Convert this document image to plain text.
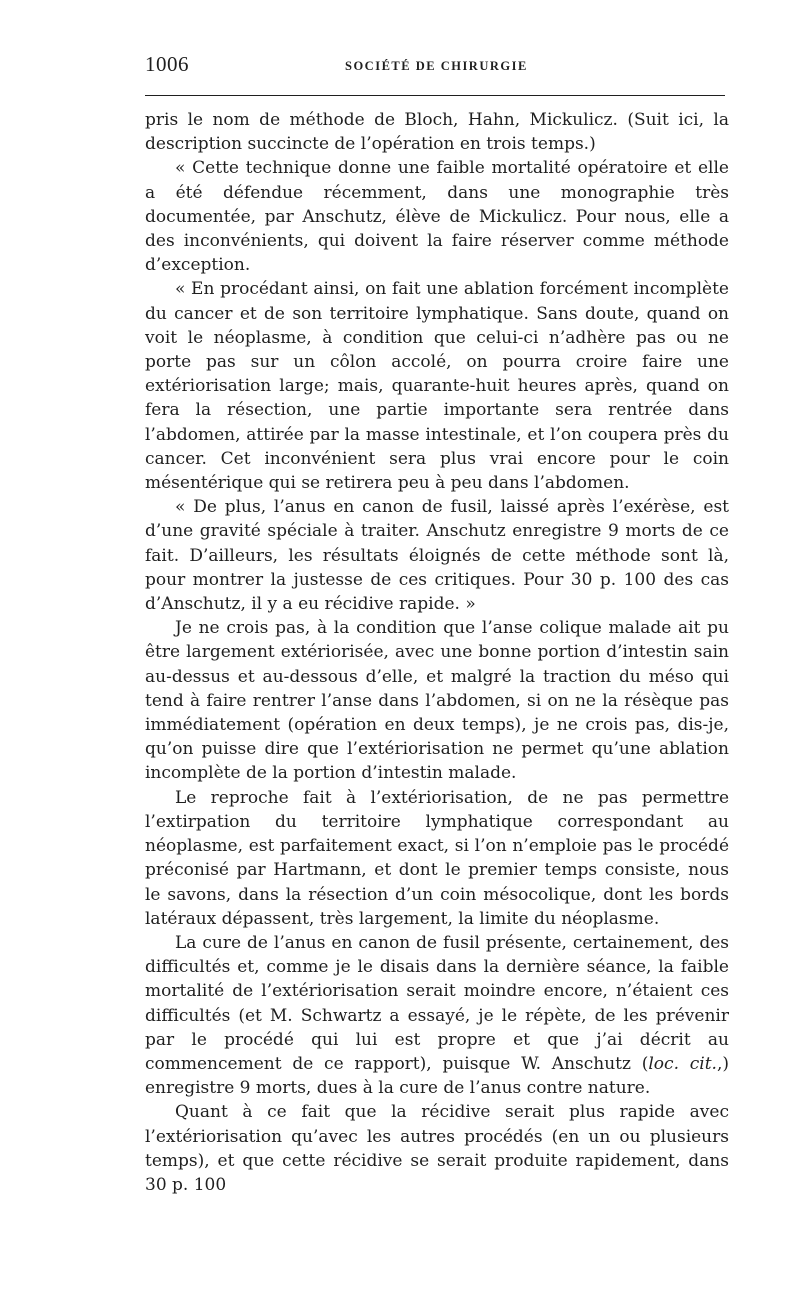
1006	SOCIÉTÉ DE CHIRURGIE

pris le nom de méthode de Bloch, Hahn, Mickulicz. (Suit ici, la description succincte de l’opération en trois temps.)

« Cette technique donne une faible mortalité opératoire et elle a été défendue récemment, dans une monographie très documentée, par Anschutz, élève de Mickulicz. Pour nous, elle a des inconvénients, qui doivent la faire réserver comme méthode d’exception.

« En procédant ainsi, on fait une ablation forcément incomplète du cancer et de son territoire lymphatique. Sans doute, quand on voit le néoplasme, à condition que celui-ci n’adhère pas ou ne porte pas sur un côlon accolé, on pourra croire faire une extériorisation large; mais, quarante-huit heures après, quand on fera la résection, une partie importante sera rentrée dans l’abdomen, attirée par la masse intestinale, et l’on coupera près du cancer. Cet inconvénient sera plus vrai encore pour le coin mésentérique qui se retirera peu à peu dans l’abdomen.

« De plus, l’anus en canon de fusil, laissé après l’exérèse, est d’une gravité spéciale à traiter. Anschutz enregistre 9 morts de ce fait. D’ailleurs, les résultats éloignés de cette méthode sont là, pour montrer la justesse de ces critiques. Pour 30 p. 100 des cas d’Anschutz, il y a eu récidive rapide. »

Je ne crois pas, à la condition que l’anse colique malade ait pu être largement extériorisée, avec une bonne portion d’intestin sain au-dessus et au-dessous d’elle, et malgré la traction du méso qui tend à faire rentrer l’anse dans l’abdomen, si on ne la résèque pas immédiatement (opération en deux temps), je ne crois pas, dis-je, qu’on puisse dire que l’extériorisation ne permet qu’une ablation incomplète de la portion d’intestin malade.

Le reproche fait à l’extériorisation, de ne pas permettre l’extirpation du territoire lymphatique correspondant au néoplasme, est parfaitement exact, si l’on n’emploie pas le procédé préconisé par Hartmann, et dont le premier temps consiste, nous le savons, dans la résection d’un coin mésocolique, dont les bords latéraux dépassent, très largement, la limite du néoplasme.

La cure de l’anus en canon de fusil présente, certainement, des difficultés et, comme je le disais dans la dernière séance, la faible mortalité de l’extériorisation serait moindre encore, n’étaient ces difficultés (et M. Schwartz a essayé, je le répète, de les prévenir par le procédé qui lui est propre et que j’ai décrit au commencement de ce rapport), puisque W. Anschutz (loc. cit.,) enregistre 9 morts, dues à la cure de l’anus contre nature.

Quant à ce fait que la récidive serait plus rapide avec l’extériorisation qu’avec les autres procédés (en un ou plusieurs temps), et que cette récidive se serait produite rapidement, dans 30 p. 100
